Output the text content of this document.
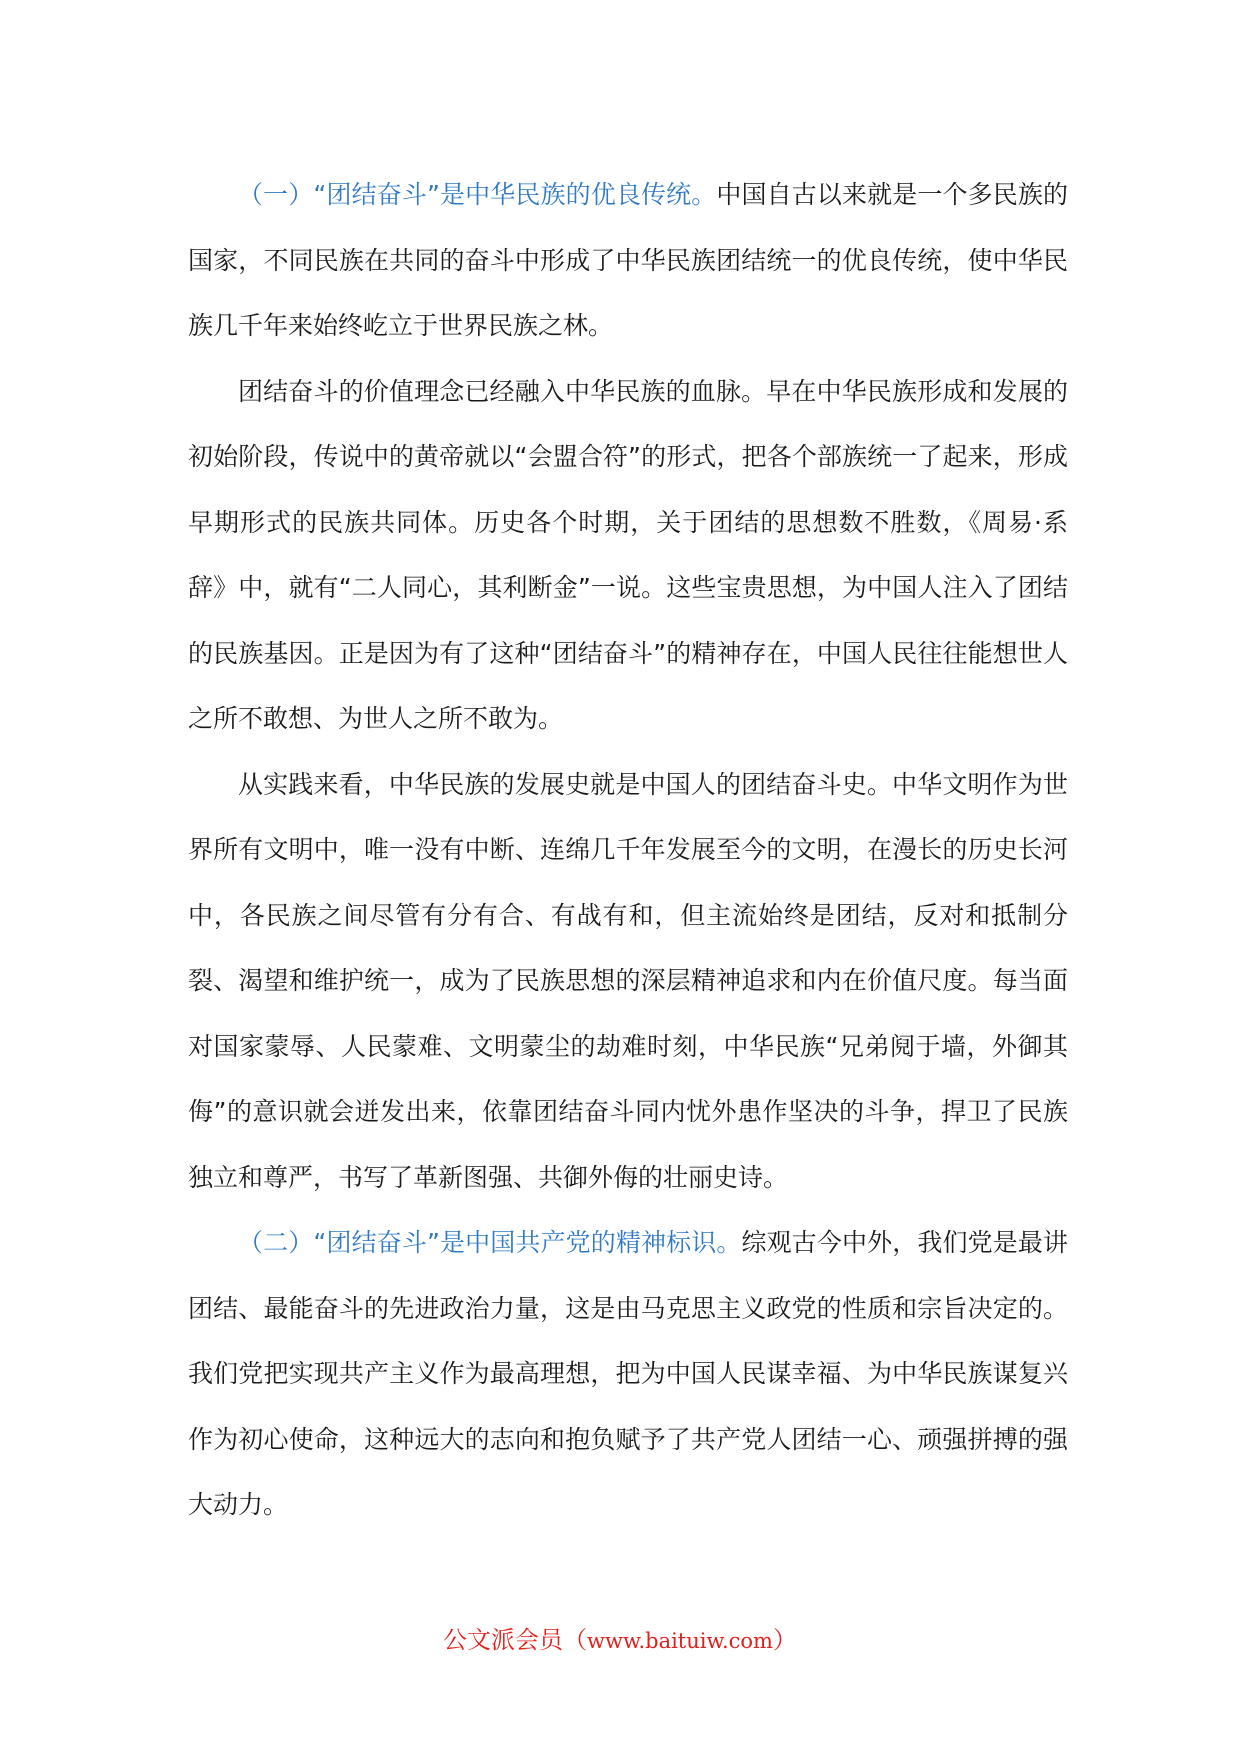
（一）“团结奋斗”是中华民族的优良传统。中国自古以来就是一个多民族的国家，不同民族在共同的奋斗中形成了中华民族团结统一的优良传统，使中华民族几千年来始终屹立于世界民族之林。

团结奋斗的价值理念已经融入中华民族的血脉。早在中华民族形成和发展的初始阶段，传说中的黄帝就以“会盟合符”的形式，把各个部族统一了起来，形成早期形式的民族共同体。历史各个时期，关于团结的思想数不胜数，《周易·系辞》中，就有“二人同心，其利断金”一说。这些宝贵思想，为中国人注入了团结的民族基因。正是因为有了这种“团结奋斗”的精神存在，中国人民往往能想世人之所不敢想、为世人之所不敢为。

从实践来看，中华民族的发展史就是中国人的团结奋斗史。中华文明作为世界所有文明中，唯一没有中断、连绵几千年发展至今的文明，在漫长的历史长河中，各民族之间尽管有分有合、有战有和，但主流始终是团结，反对和抵制分裂、渴望和维护统一，成为了民族思想的深层精神追求和内在价值尺度。每当面对国家蒙辱、人民蒙难、文明蒙尘的劫难时刻，中华民族“兄弟阋于墙，外御其侮”的意识就会迸发出来，依靠团结奋斗同内忧外患作坚决的斗争，捍卫了民族独立和尊严，书写了革新图强、共御外侮的壮丽史诗。

（二）“团结奋斗”是中国共产党的精神标识。综观古今中外，我们党是最讲团结、最能奋斗的先进政治力量，这是由马克思主义政党的性质和宗旨决定的。我们党把实现共产主义作为最高理想，把为中国人民谋幸福、为中华民族谋复兴作为初心使命，这种远大的志向和抱负赋予了共产党人团结一心、顽强拼搏的强大动力。

公文派会员（www.baituiw.com）
